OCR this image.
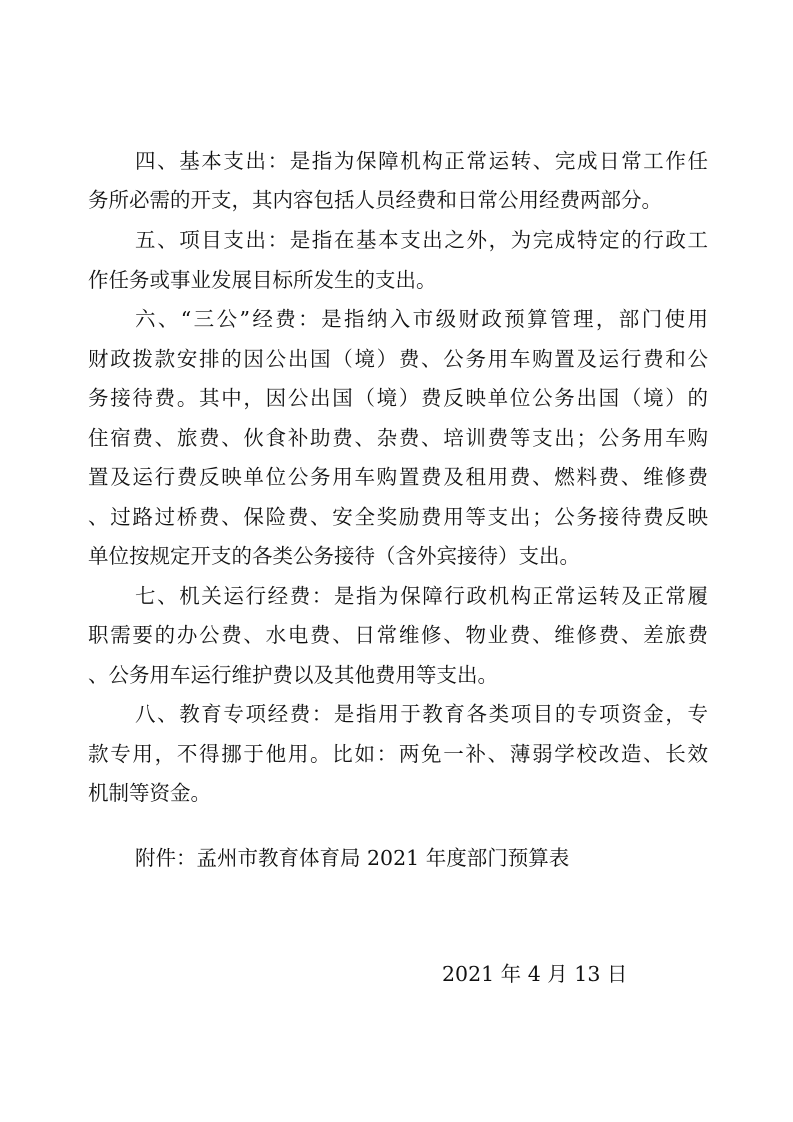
四、基本支出：是指为保障机构正常运转、完成日常工作任
务所必需的开支，其内容包括人员经费和日常公用经费两部分。
五、项目支出：是指在基本支出之外，为完成特定的行政工
作任务或事业发展目标所发生的支出。
六、“三公”经费：是指纳入市级财政预算管理，部门使用
财政拨款安排的因公出国（境）费、公务用车购置及运行费和公
务接待费。其中，因公出国（境）费反映单位公务出国（境）的
住宿费、旅费、伙食补助费、杂费、培训费等支出；公务用车购
置及运行费反映单位公务用车购置费及租用费、燃料费、维修费
、过路过桥费、保险费、安全奖励费用等支出；公务接待费反映
单位按规定开支的各类公务接待（含外宾接待）支出。
七、机关运行经费：是指为保障行政机构正常运转及正常履
职需要的办公费、水电费、日常维修、物业费、维修费、差旅费
、公务用车运行维护费以及其他费用等支出。
八、教育专项经费：是指用于教育各类项目的专项资金，专
款专用，不得挪于他用。比如：两免一补、薄弱学校改造、长效
机制等资金。
附件：孟州市教育体育局 2021 年度部门预算表
2021 年 4 月 13 日
